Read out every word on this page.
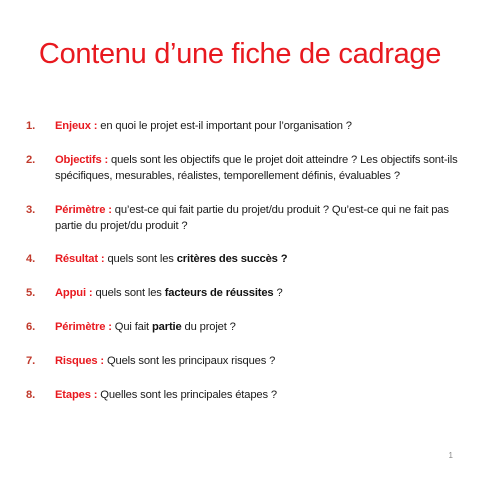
Contenu d’une fiche de cadrage
1. Enjeux : en quoi le projet est-il important pour l’organisation ?
2. Objectifs : quels sont les objectifs que le projet doit atteindre ? Les objectifs sont-ils spécifiques, mesurables, réalistes, temporellement définis, évaluables ?
3. Périmètre : qu’est-ce qui fait partie du projet/du produit ? Qu’est-ce qui ne fait pas partie du projet/du produit ?
4. Résultat : quels sont les critères des succès ?
5. Appui : quels sont les facteurs de réussites ?
6. Périmètre : Qui fait partie du projet ?
7. Risques : Quels sont les principaux risques ?
8. Etapes : Quelles sont les principales étapes ?
1
